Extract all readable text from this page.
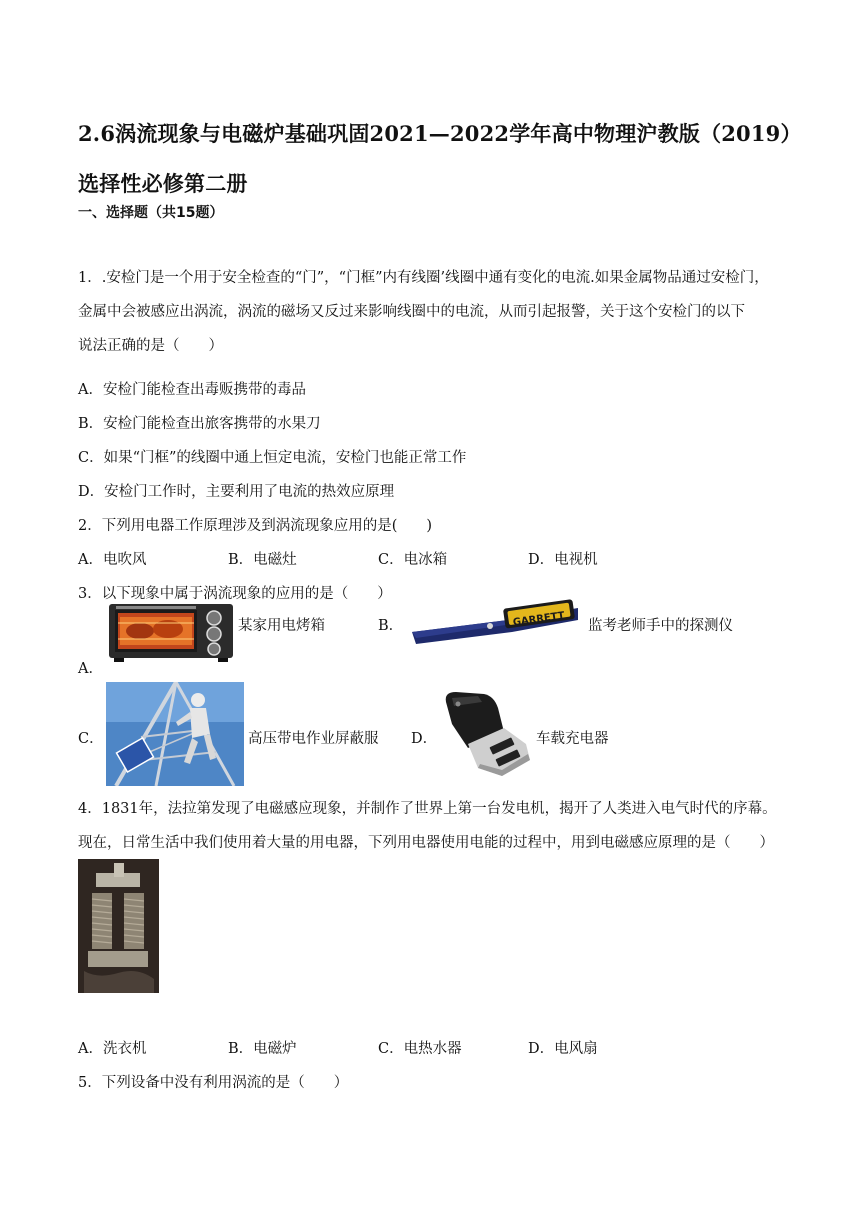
2.6涡流现象与电磁炉基础巩固2021—2022学年高中物理沪教版（2019）
选择性必修第二册
一、选择题（共15题）
1．.安检门是一个用于安全检查的“门”，“门框”内有线圈’线圈中通有变化的电流.如果金属物品通过安检门，
金属中会被感应出涡流，涡流的磁场又反过来影响线圈中的电流，从而引起报警，关于这个安检门的以下
说法正确的是（　　）
A．安检门能检查出毒贩携带的毒品
B．安检门能检查出旅客携带的水果刀
C．如果“门框”的线圈中通上恒定电流，安检门也能正常工作
D．安检门工作时，主要利用了电流的热效应原理
2．下列用电器工作原理涉及到涡流现象应用的是(　　)
A．电吹风	B．电磁灶	C．电冰箱	D．电视机
3．以下现象中属于涡流现象的应用的是（　　）
A．
某家用电烤箱	B．	GARRETT 监考老师手中的探测仪
C．	高压带电作业屏蔽服 D．	车载充电器
4．1831年，法拉第发现了电磁感应现象，并制作了世界上第一台发电机，揭开了人类进入电气时代的序幕。
现在，日常生活中我们使用着大量的用电器，下列用电器使用电能的过程中，用到电磁感应原理的是（　　）
A．洗衣机	B．电磁炉	C．电热水器	D．电风扇
5．下列设备中没有利用涡流的是（　　）
